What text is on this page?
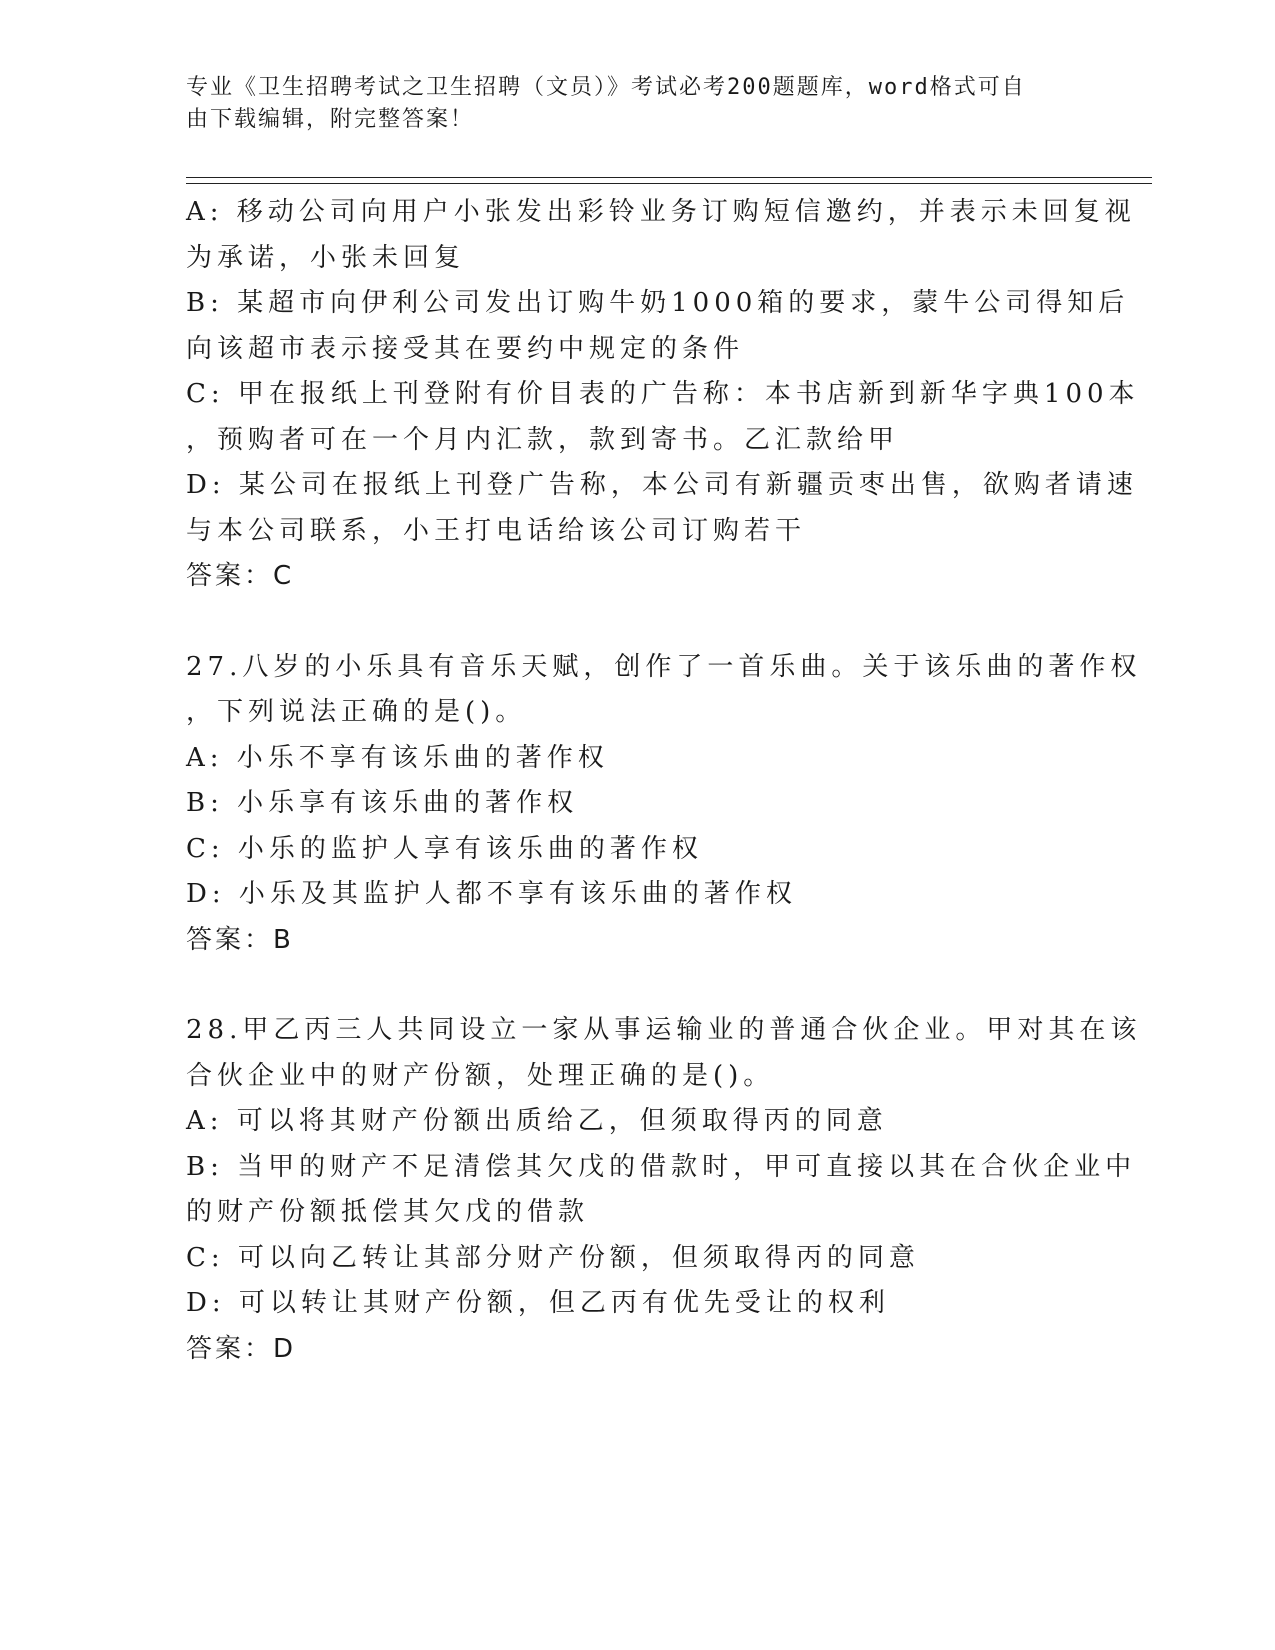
专业《卫生招聘考试之卫生招聘（文员）》考试必考200题题库，word格式可自
由下载编辑，附完整答案！
A: 移动公司向用户小张发出彩铃业务订购短信邀约，并表示未回复视
为承诺，小张未回复
B: 某超市向伊利公司发出订购牛奶1000箱的要求，蒙牛公司得知后
向该超市表示接受其在要约中规定的条件
C: 甲在报纸上刊登附有价目表的广告称：本书店新到新华字典100本
，预购者可在一个月内汇款，款到寄书。乙汇款给甲
D: 某公司在报纸上刊登广告称，本公司有新疆贡枣出售，欲购者请速
与本公司联系，小王打电话给该公司订购若干
答案：C
27.八岁的小乐具有音乐天赋，创作了一首乐曲。关于该乐曲的著作权
，下列说法正确的是()。
A: 小乐不享有该乐曲的著作权
B: 小乐享有该乐曲的著作权
C: 小乐的监护人享有该乐曲的著作权
D: 小乐及其监护人都不享有该乐曲的著作权
答案：B
28.甲乙丙三人共同设立一家从事运输业的普通合伙企业。甲对其在该
合伙企业中的财产份额，处理正确的是()。
A: 可以将其财产份额出质给乙，但须取得丙的同意
B: 当甲的财产不足清偿其欠戊的借款时，甲可直接以其在合伙企业中
的财产份额抵偿其欠戊的借款
C: 可以向乙转让其部分财产份额，但须取得丙的同意
D: 可以转让其财产份额，但乙丙有优先受让的权利
答案：D
